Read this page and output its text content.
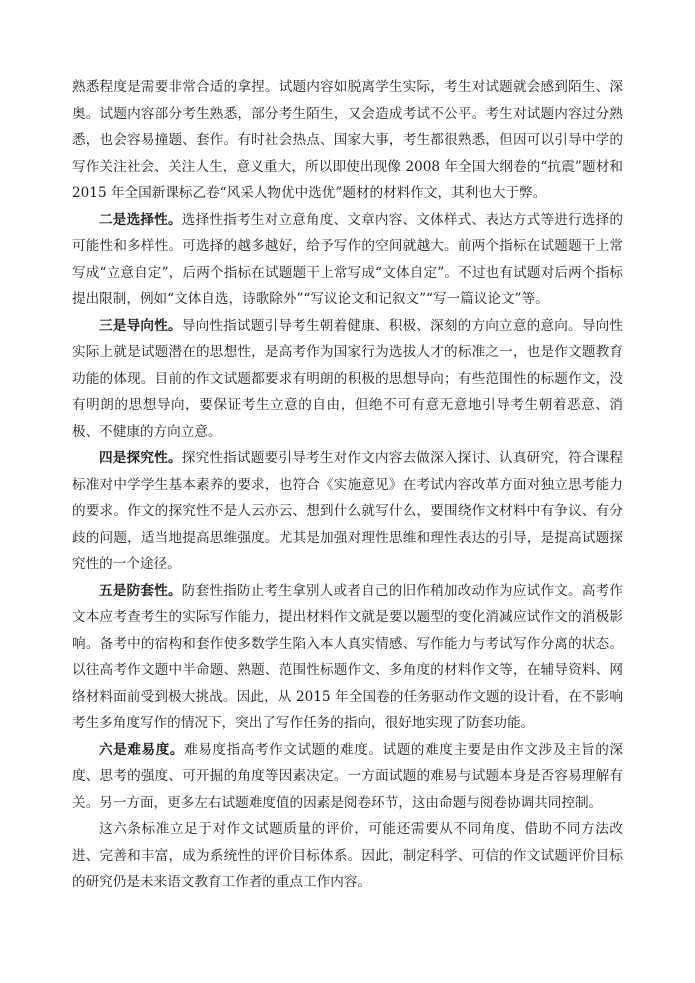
熟悉程度是需要非常合适的拿捏。试题内容如脱离学生实际，考生对试题就会感到陌生、深奥。试题内容部分考生熟悉，部分考生陌生，又会造成考试不公平。考生对试题内容过分熟悉，也会容易撞题、套作。有时社会热点、国家大事，考生都很熟悉，但因可以引导中学的写作关注社会、关注人生，意义重大，所以即使出现像 2008 年全国大纲卷的“抗震”题材和 2015 年全国新课标乙卷“风采人物优中选优”题材的材料作文，其利也大于弊。

二是选择性。选择性指考生对立意角度、文章内容、文体样式、表达方式等进行选择的可能性和多样性。可选择的越多越好，给予写作的空间就越大。前两个指标在试题题干上常写成“立意自定”，后两个指标在试题题干上常写成“文体自定”。不过也有试题对后两个指标提出限制，例如“文体自选，诗歌除外”“写议论文和记叙文”“写一篇议论文”等。

三是导向性。导向性指试题引导考生朝着健康、积极、深刻的方向立意的意向。导向性实际上就是试题潜在的思想性，是高考作为国家行为选拔人才的标准之一，也是作文题教育功能的体现。目前的作文试题都要求有明朗的积极的思想导向；有些范围性的标题作文，没有明朗的思想导向，要保证考生立意的自由，但绝不可有意无意地引导考生朝着恶意、消极、不健康的方向立意。

四是探究性。探究性指试题要引导考生对作文内容去做深入探讨、认真研究，符合课程标准对中学学生基本素养的要求，也符合《实施意见》在考试内容改革方面对独立思考能力的要求。作文的探究性不是人云亦云、想到什么就写什么，要围绕作文材料中有争议、有分歧的问题，适当地提高思维强度。尤其是加强对理性思维和理性表达的引导，是提高试题探究性的一个途径。

五是防套性。防套性指防止考生拿别人或者自己的旧作稍加改动作为应试作文。高考作文本应考查考生的实际写作能力，提出材料作文就是要以题型的变化消减应试作文的消极影响。备考中的宿构和套作使多数学生陷入本人真实情感、写作能力与考试写作分离的状态。以往高考作文题中半命题、熟题、范围性标题作文、多角度的材料作文等，在辅导资料、网络材料面前受到极大挑战。因此，从 2015 年全国卷的任务驱动作文题的设计看，在不影响考生多角度写作的情况下，突出了写作任务的指向，很好地实现了防套功能。

六是难易度。难易度指高考作文试题的难度。试题的难度主要是由作文涉及主旨的深度、思考的强度、可开掘的角度等因素决定。一方面试题的难易与试题本身是否容易理解有关。另一方面，更多左右试题难度值的因素是阅卷环节，这由命题与阅卷协调共同控制。

这六条标准立足于对作文试题质量的评价，可能还需要从不同角度、借助不同方法改进、完善和丰富，成为系统性的评价目标体系。因此，制定科学、可信的作文试题评价目标的研究仍是未来语文教育工作者的重点工作内容。
